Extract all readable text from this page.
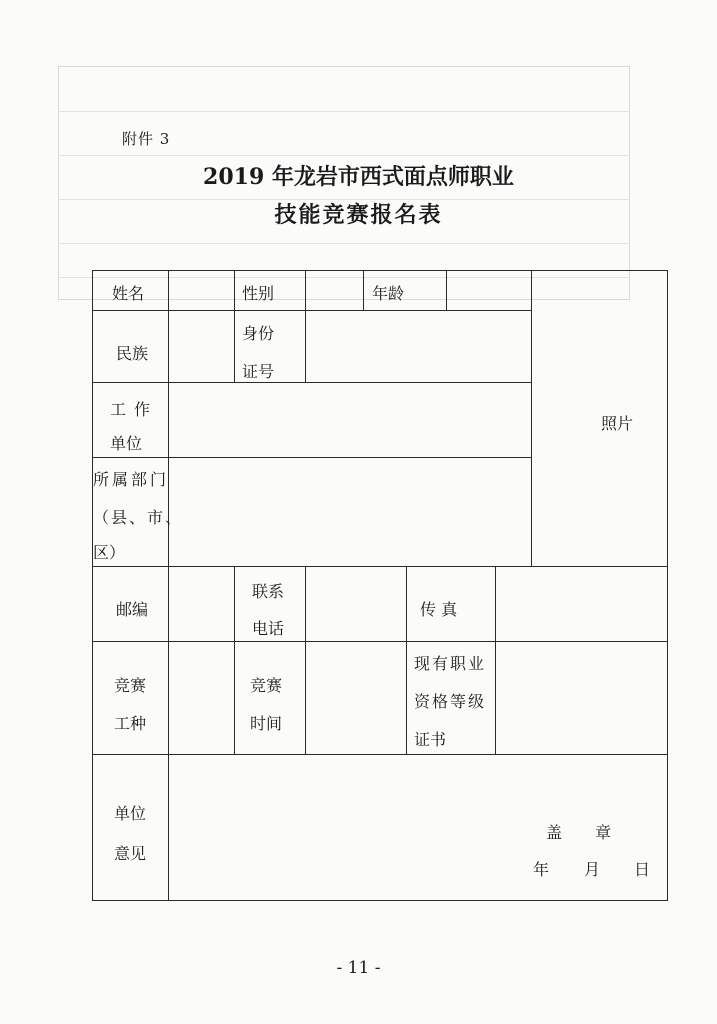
附件 3
2019 年龙岩市西式面点师职业
技能竞赛报名表
姓名	性别	年龄
照片
民族
身份
证号
工作
单位
所属部门
（县、市、
区）
邮编
联系
电话
传 真
竞赛
工种
竞赛
时间
现有职业
资格等级
证书
单位
意见
盖 章
年 月 日
- 11 -
